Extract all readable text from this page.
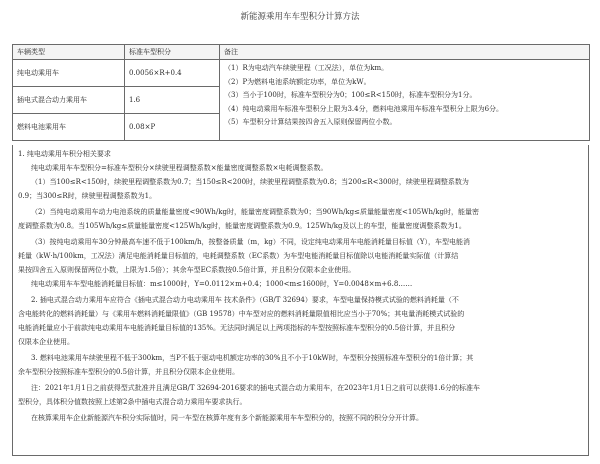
新能源乘用车车型积分计算方法
车辆类型	标准车型积分	备注
纯电动乘用车	0.0056×R+0.4	（1）R为电动汽车续驶里程（工况法），单位为km。
（2）P为燃料电池系统额定功率，单位为kW。
（3）当小于100时，标准车型积分为0；100≤R<150时，标准车型积分为1分。
（4）纯电动乘用车标准车型积分上限为3.4分，燃料电池乘用车标准车型积分上限为6分。
（5）车型积分计算结果按四舍五入原则保留两位小数。

插电式混合动力乘用车	1.6	
燃料电池乘用车	0.08×P	
1. 纯电动乘用车积分相关要求
纯电动乘用车车型积分=标准车型积分×续驶里程调整系数×能量密度调整系数×电耗调整系数。
（1）当100≤R<150时，续驶里程调整系数为0.7；当150≤R<200时，续驶里程调整系数为0.8；当200≤R<300时，续驶里程调整系数为
0.9；当300≤R时，续驶里程调整系数为1。
（2）当纯电动乘用车动力电池系统的质量能量密度<90Wh/kg时，能量密度调整系数为0；当90Wh/kg≤质量能量密度<105Wh/kg时，能量密
度调整系数为0.8。当105Wh/kg≤质量能量密度<125Wh/kg时，能量密度调整系数为0.9。125Wh/kg及以上的车型，能量密度调整系数为1。
（3）按纯电动乘用车30分钟最高车速不低于100km/h，按整备质量（m，kg）不同，设定纯电动乘用车电能消耗量目标值（Y），车型电能消
耗量（kW·h/100km，工况法）满足电能消耗量目标值的，电耗调整系数（EC系数）为车型电能消耗量目标值除以电能消耗量实际值（计算结
果按四舍五入原则保留两位小数，上限为1.5倍）；其余车型EC系数按0.5倍计算，并且积分仅限本企业使用。
纯电动乘用车车型电能消耗量目标值：m≤1000时，Y=0.0112×m+0.4；1000<m≤1600时，Y=0.0048×m+6.8……
2. 插电式混合动力乘用车应符合《插电式混合动力电动乘用车 技术条件》（GB/T 32694）要求，车型电量保持模式试验的燃料消耗量（不
含电能转化的燃料消耗量）与《乘用车燃料消耗量限值》（GB 19578）中车型对应的燃料消耗量限值相比应当小于70%；其电量消耗模式试验的
电能消耗量应小于前款纯电动乘用车电能消耗量目标值的135%。无法同时满足以上两项指标的车型按照标准车型积分的0.5倍计算，并且积分
仅限本企业使用。
3. 燃料电池乘用车续驶里程不低于300km，当P不低于驱动电机额定功率的30%且不小于10kW时，车型积分按照标准车型积分的1倍计算；其
余车型积分按照标准车型积分的0.5倍计算，并且积分仅限本企业使用。
注：2021年1月1日之前获得型式批准并且满足GB/T 32694-2016要求的插电式混合动力乘用车，在2023年1月1日之前可以获得1.6分的标准车
型积分，具体积分值数按照上述第2条中插电式混合动力乘用车要求执行。
在核算乘用车企业新能源汽车积分实际值时，同一车型在核算年度有多个新能源乘用车车型积分的，按照不同的积分分开计算。
